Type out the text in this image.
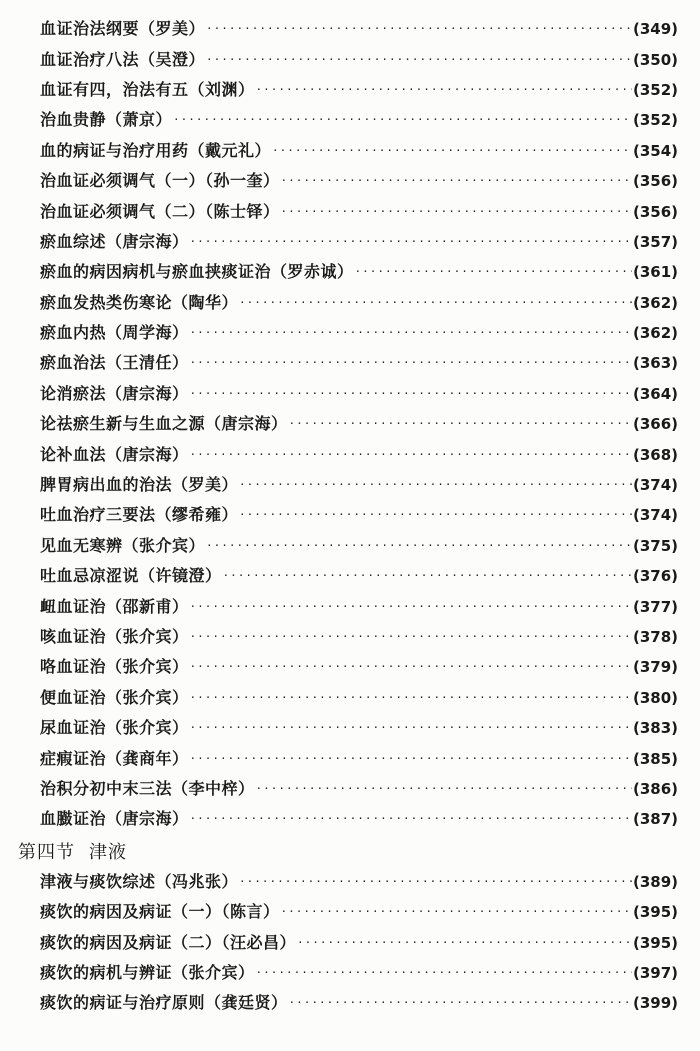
血证治法纲要（罗美） ·····	(349)
血证治疗八法（吴澄） ·····	(350)
血证有四，治法有五（刘渊） ·····	(352)
治血贵静（萧京） ·····	(352)
血的病证与治疗用药（戴元礼） ·····	(354)
治血证必须调气（一）（孙一奎） ·····	(356)
治血证必须调气（二）（陈士铎） ·····	(356)
瘀血综述（唐宗海） ·····	(357)
瘀血的病因病机与瘀血挟痰证治（罗赤诚） ·····	(361)
瘀血发热类伤寒论（陶华） ·····	(362)
瘀血内热（周学海） ·····	(362)
瘀血治法（王清任） ·····	(363)
论消瘀法（唐宗海） ·····	(364)
论祛瘀生新与生血之源（唐宗海） ·····	(366)
论补血法（唐宗海） ·····	(368)
脾胃病出血的治法（罗美） ·····	(374)
吐血治疗三要法（缪希雍） ·····	(374)
见血无寒辨（张介宾） ·····	(375)
吐血忌凉涩说（许镜澄） ·····	(376)
衄血证治（邵新甫） ·····	(377)
咳血证治（张介宾） ·····	(378)
咯血证治（张介宾） ·····	(379)
便血证治（张介宾） ·····	(380)
尿血证治（张介宾） ·····	(383)
症瘕证治（龚商年） ·····	(385)
治积分初中末三法（李中梓） ·····	(386)
血臌证治（唐宗海） ·····	(387)
第四节 津液
津液与痰饮综述（冯兆张） ·····	(389)
痰饮的病因及病证（一）（陈言） ·····	(395)
痰饮的病因及病证（二）（汪必昌） ·····	(395)
痰饮的病机与辨证（张介宾） ·····	(397)
痰饮的病证与治疗原则（龚廷贤） ·····	(399)
